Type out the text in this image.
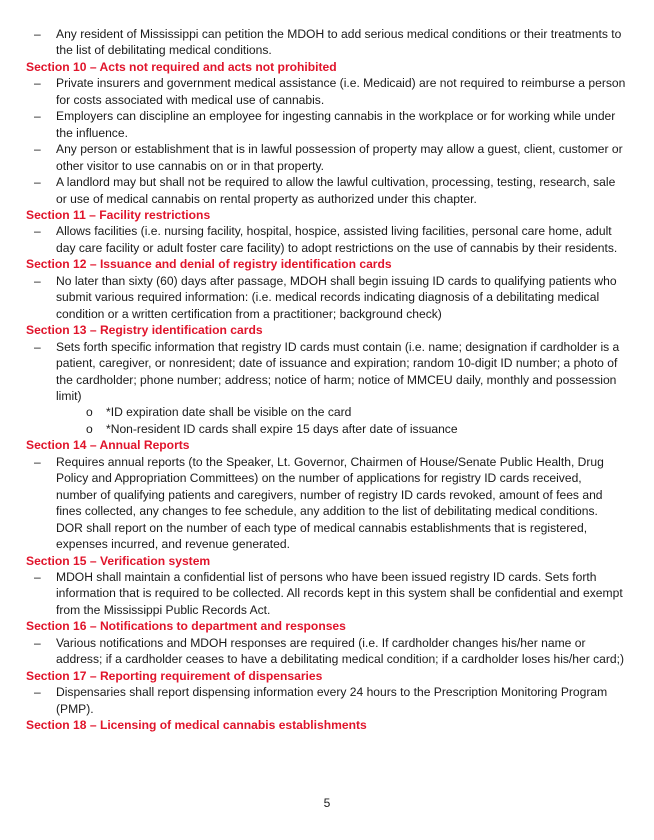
– Any resident of Mississippi can petition the MDOH to add serious medical conditions or their treatments to the list of debilitating medical conditions.
Section 10 – Acts not required and acts not prohibited
– Private insurers and government medical assistance (i.e. Medicaid) are not required to reimburse a person for costs associated with medical use of cannabis.
– Employers can discipline an employee for ingesting cannabis in the workplace or for working while under the influence.
– Any person or establishment that is in lawful possession of property may allow a guest, client, customer or other visitor to use cannabis on or in that property.
– A landlord may but shall not be required to allow the lawful cultivation, processing, testing, research, sale or use of medical cannabis on rental property as authorized under this chapter.
Section 11 – Facility restrictions
– Allows facilities (i.e. nursing facility, hospital, hospice, assisted living facilities, personal care home, adult day care facility or adult foster care facility) to adopt restrictions on the use of cannabis by their residents.
Section 12 – Issuance and denial of registry identification cards
– No later than sixty (60) days after passage, MDOH shall begin issuing ID cards to qualifying patients who submit various required information: (i.e. medical records indicating diagnosis of a debilitating medical condition or a written certification from a practitioner; background check)
Section 13 – Registry identification cards
– Sets forth specific information that registry ID cards must contain (i.e. name; designation if cardholder is a patient, caregiver, or nonresident; date of issuance and expiration; random 10-digit ID number; a photo of the cardholder; phone number; address; notice of harm; notice of MMCEU daily, monthly and possession limit)
o *ID expiration date shall be visible on the card
o *Non-resident ID cards shall expire 15 days after date of issuance
Section 14 – Annual Reports
– Requires annual reports (to the Speaker, Lt. Governor, Chairmen of House/Senate Public Health, Drug Policy and Appropriation Committees) on the number of applications for registry ID cards received, number of qualifying patients and caregivers, number of registry ID cards revoked, amount of fees and fines collected, any changes to fee schedule, any addition to the list of debilitating medical conditions. DOR shall report on the number of each type of medical cannabis establishments that is registered, expenses incurred, and revenue generated.
Section 15 – Verification system
– MDOH shall maintain a confidential list of persons who have been issued registry ID cards. Sets forth information that is required to be collected. All records kept in this system shall be confidential and exempt from the Mississippi Public Records Act.
Section 16 – Notifications to department and responses
– Various notifications and MDOH responses are required (i.e. If cardholder changes his/her name or address; if a cardholder ceases to have a debilitating medical condition; if a cardholder loses his/her card;)
Section 17 – Reporting requirement of dispensaries
– Dispensaries shall report dispensing information every 24 hours to the Prescription Monitoring Program (PMP).
Section 18 – Licensing of medical cannabis establishments
5
